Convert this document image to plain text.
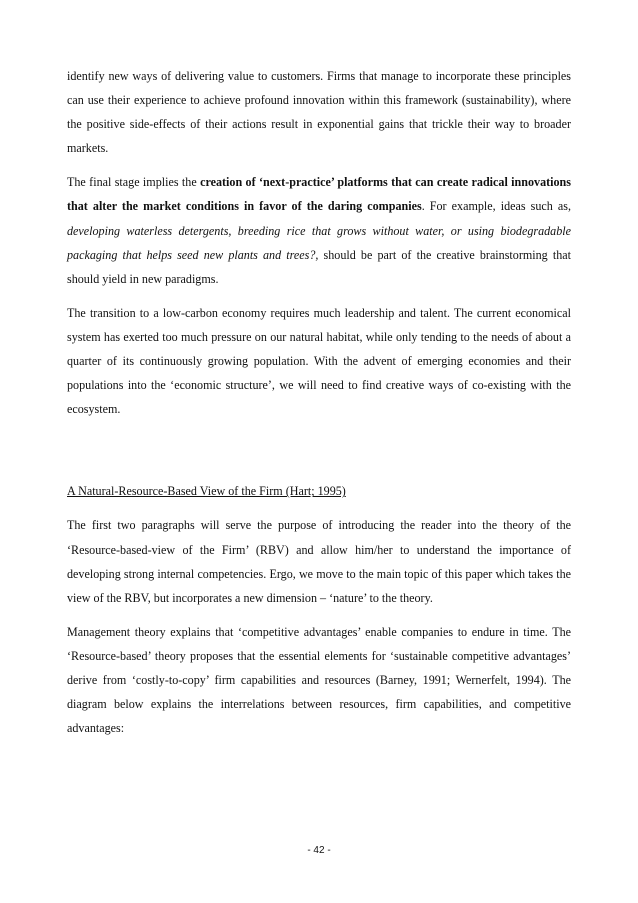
identify new ways of delivering value to customers. Firms that manage to incorporate these principles can use their experience to achieve profound innovation within this framework (sustainability), where the positive side-effects of their actions result in exponential gains that trickle their way to broader markets.

The final stage implies the creation of ‘next-practice’ platforms that can create radical innovations that alter the market conditions in favor of the daring companies. For example, ideas such as, developing waterless detergents, breeding rice that grows without water, or using biodegradable packaging that helps seed new plants and trees?, should be part of the creative brainstorming that should yield in new paradigms.

The transition to a low-carbon economy requires much leadership and talent. The current economical system has exerted too much pressure on our natural habitat, while only tending to the needs of about a quarter of its continuously growing population. With the advent of emerging economies and their populations into the ‘economic structure’, we will need to find creative ways of co-existing with the ecosystem.

A Natural-Resource-Based View of the Firm (Hart; 1995)

The first two paragraphs will serve the purpose of introducing the reader into the theory of the ‘Resource-based-view of the Firm’ (RBV) and allow him/her to understand the importance of developing strong internal competencies. Ergo, we move to the main topic of this paper which takes the view of the RBV, but incorporates a new dimension – ‘nature’ to the theory.

Management theory explains that ‘competitive advantages’ enable companies to endure in time. The ‘Resource-based’ theory proposes that the essential elements for ‘sustainable competitive advantages’ derive from ‘costly-to-copy’ firm capabilities and resources (Barney, 1991; Wernerfelt, 1994). The diagram below explains the interrelations between resources, firm capabilities, and competitive advantages:

- 42 -
